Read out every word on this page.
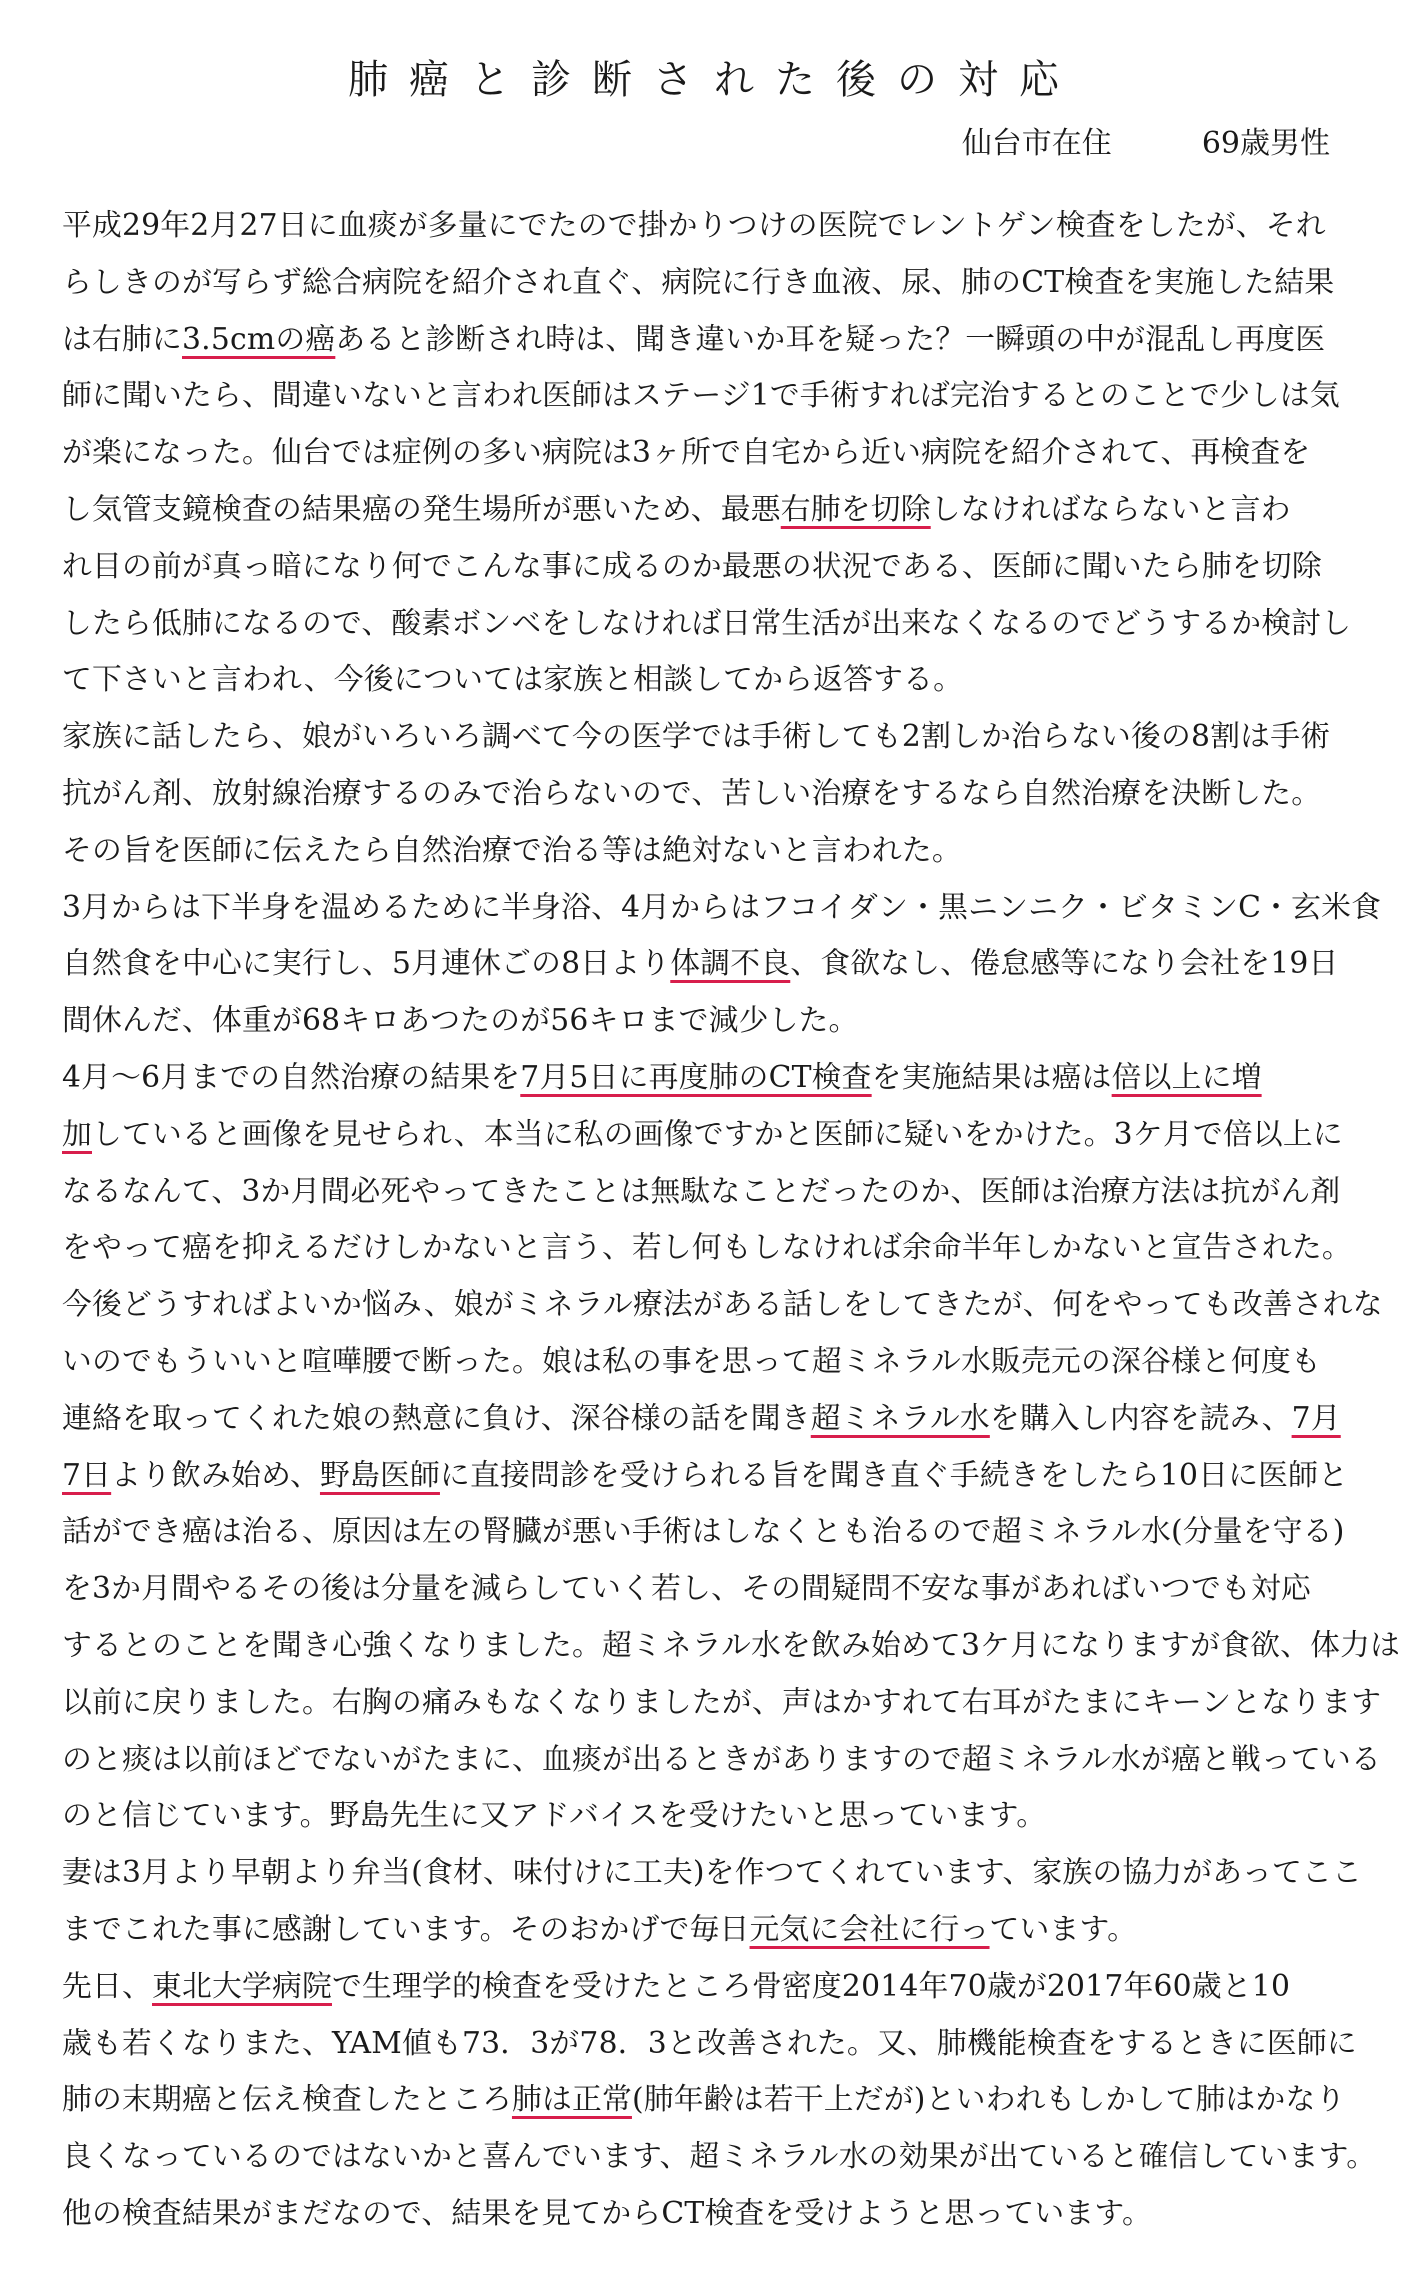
肺癌と診断された後の対応
仙台市在住	69歳男性
平成29年2月27日に血痰が多量にでたので掛かりつけの医院でレントゲン検査をしたが、それ
らしきのが写らず総合病院を紹介され直ぐ、病院に行き血液、尿、肺のCT検査を実施した結果
は右肺に3.5cmの癌あると診断され時は、聞き違いか耳を疑った？一瞬頭の中が混乱し再度医
師に聞いたら、間違いないと言われ医師はステージ1で手術すれば完治するとのことで少しは気
が楽になった。仙台では症例の多い病院は3ヶ所で自宅から近い病院を紹介されて、再検査を
し気管支鏡検査の結果癌の発生場所が悪いため、最悪右肺を切除しなければならないと言わ
れ目の前が真っ暗になり何でこんな事に成るのか最悪の状況である、医師に聞いたら肺を切除
したら低肺になるので、酸素ボンベをしなければ日常生活が出来なくなるのでどうするか検討し
て下さいと言われ、今後については家族と相談してから返答する。
家族に話したら、娘がいろいろ調べて今の医学では手術しても2割しか治らない後の8割は手術
抗がん剤、放射線治療するのみで治らないので、苦しい治療をするなら自然治療を決断した。
その旨を医師に伝えたら自然治療で治る等は絶対ないと言われた。
3月からは下半身を温めるために半身浴、4月からはフコイダン・黒ニンニク・ビタミンC・玄米食
自然食を中心に実行し、5月連休ごの8日より体調不良、食欲なし、倦怠感等になり会社を19日
間休んだ、体重が68キロあつたのが56キロまで減少した。
4月～6月までの自然治療の結果を7月5日に再度肺のCT検査を実施結果は癌は倍以上に増
加していると画像を見せられ、本当に私の画像ですかと医師に疑いをかけた。3ケ月で倍以上に
なるなんて、3か月間必死やってきたことは無駄なことだったのか、医師は治療方法は抗がん剤
をやって癌を抑えるだけしかないと言う、若し何もしなければ余命半年しかないと宣告された。
今後どうすればよいか悩み、娘がミネラル療法がある話しをしてきたが、何をやっても改善されな
いのでもういいと喧嘩腰で断った。娘は私の事を思って超ミネラル水販売元の深谷様と何度も
連絡を取ってくれた娘の熱意に負け、深谷様の話を聞き超ミネラル水を購入し内容を読み、7月
7日より飲み始め、野島医師に直接問診を受けられる旨を聞き直ぐ手続きをしたら10日に医師と
話ができ癌は治る、原因は左の腎臓が悪い手術はしなくとも治るので超ミネラル水(分量を守る)
を3か月間やるその後は分量を減らしていく若し、その間疑問不安な事があればいつでも対応
するとのことを聞き心強くなりました。超ミネラル水を飲み始めて3ケ月になりますが食欲、体力は
以前に戻りました。右胸の痛みもなくなりましたが、声はかすれて右耳がたまにキーンとなります
のと痰は以前ほどでないがたまに、血痰が出るときがありますので超ミネラル水が癌と戦っている
のと信じています。野島先生に又アドバイスを受けたいと思っています。
妻は3月より早朝より弁当(食材、味付けに工夫)を作つてくれています、家族の協力があってここ
までこれた事に感謝しています。そのおかげで毎日元気に会社に行っています。
先日、東北大学病院で生理学的検査を受けたところ骨密度2014年70歳が2017年60歳と10
歳も若くなりまた、YAM値も73．3が78．3と改善された。又、肺機能検査をするときに医師に
肺の末期癌と伝え検査したところ肺は正常(肺年齢は若干上だが)といわれもしかして肺はかなり
良くなっているのではないかと喜んでいます、超ミネラル水の効果が出ていると確信しています。
他の検査結果がまだなので、結果を見てからCT検査を受けようと思っています。
